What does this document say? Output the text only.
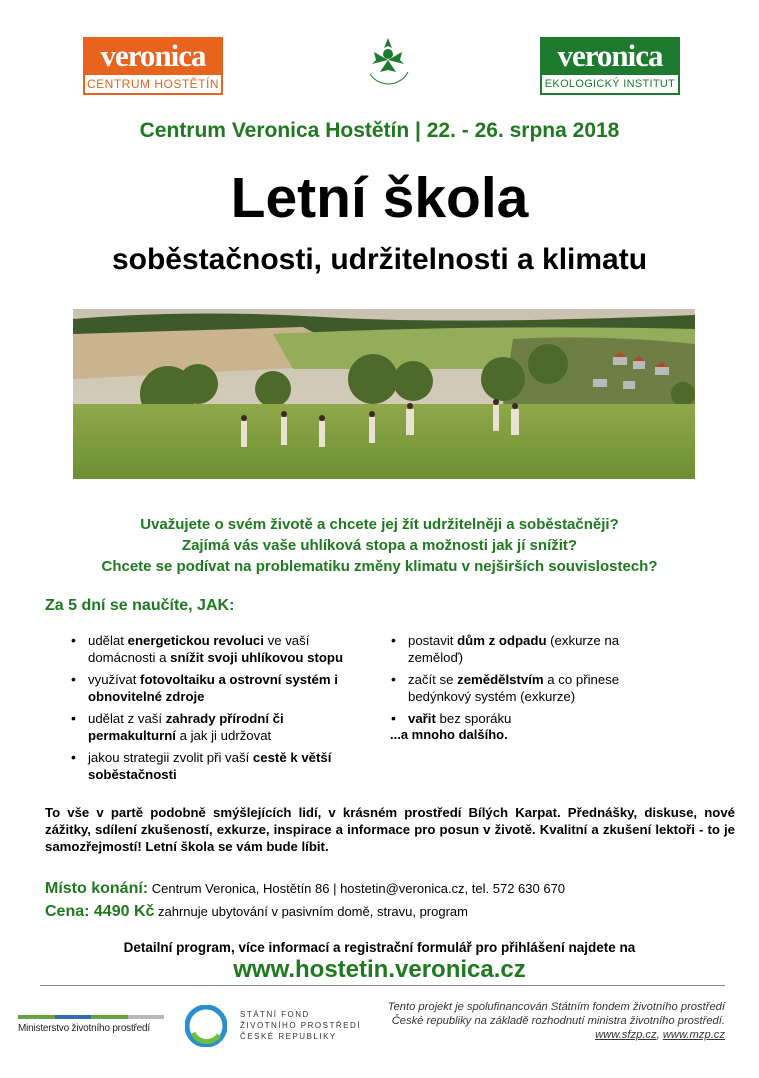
veronica
CENTRUM HOSTĚTÍN
veronica
EKOLOGICKÝ INSTITUT
Centrum Veronica Hostětín | 22. - 26. srpna 2018
Letní škola
soběstačnosti, udržitelnosti a klimatu
Uvažujete o svém životě a chcete jej žít udržitelněji a soběstačněji?
Zajímá vás vaše uhlíková stopa a možnosti jak jí snížit?
Chcete se podívat na problematiku změny klimatu v nejširších souvislostech?
Za 5 dní se naučíte, JAK:
• udělat energetickou revoluci ve vaší domácnosti a snížit svoji uhlíkovou stopu
• využívat fotovoltaiku a ostrovní systém i obnovitelné zdroje
• udělat z vaší zahrady přírodní či permakulturní a jak ji udržovat
• jakou strategii zvolit při vaší cestě k větší soběstačnosti
• postavit dům z odpadu (exkurze na zeměloď)
• začít se zemědělstvím a co přinese bedýnkový systém (exkurze)
• vařit bez sporáku
...a mnoho dalšího.
To vše v partě podobně smýšlejících lidí, v krásném prostředí Bílých Karpat. Přednášky, diskuse, nové zážitky, sdílení zkušeností, exkurze, inspirace a informace pro posun v životě. Kvalitní a zkušení lektoři - to je samozřejmostí! Letní škola se vám bude líbit.
Místo konání: Centrum Veronica, Hostětín 86 | hostetin@veronica.cz, tel. 572 630 670
Cena: 4490 Kč zahrnuje ubytování v pasivním domě, stravu, program
Detailní program, více informací a registrační formulář pro přihlášení najdete na
www.hostetin.veronica.cz
Ministerstvo životního prostředí
STÁTNÍ FOND
ŽIVOTNÍHO PROSTŘEDÍ
ČESKÉ REPUBLIKY
Tento projekt je spolufinancován Státním fondem životního prostředí České republiky na základě rozhodnutí ministra životního prostředí. www.sfzp.cz, www.mzp.cz
